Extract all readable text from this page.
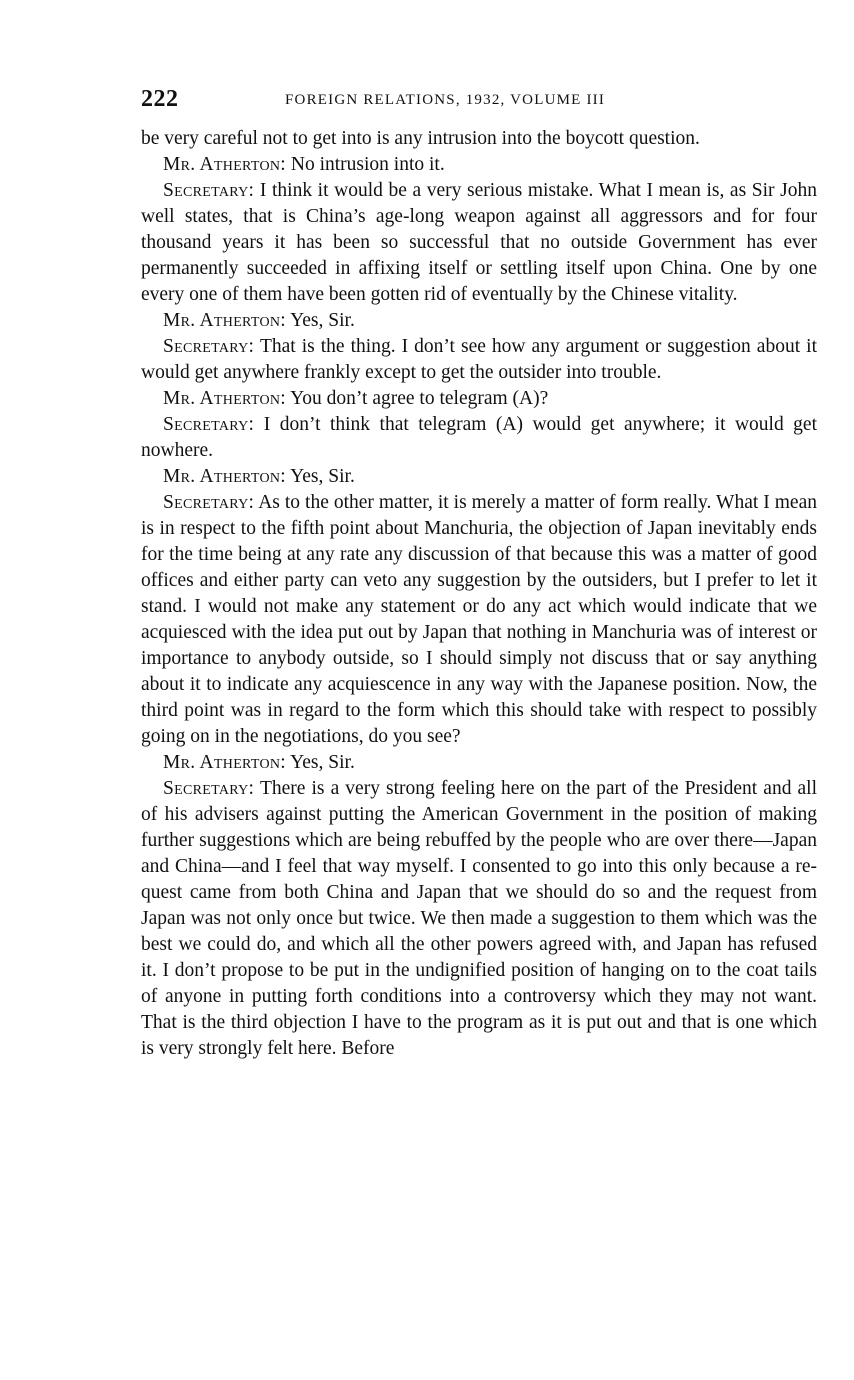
222	FOREIGN RELATIONS, 1932, VOLUME III

be very careful not to get into is any intrusion into the boycott question.

Mr. Atherton: No intrusion into it.

Secretary: I think it would be a very serious mistake. What I mean is, as Sir John well states, that is China’s age-long weapon against all aggressors and for four thousand years it has been so successful that no outside Government has ever permanently succeeded in affixing itself or settling itself upon China. One by one every one of them have been gotten rid of eventually by the Chinese vitality.

Mr. Atherton: Yes, Sir.

Secretary: That is the thing. I don’t see how any argument or suggestion about it would get anywhere frankly except to get the outsider into trouble.

Mr. Atherton: You don’t agree to telegram (A)?

Secretary: I don’t think that telegram (A) would get anywhere; it would get nowhere.

Mr. Atherton: Yes, Sir.

Secretary: As to the other matter, it is merely a matter of form really. What I mean is in respect to the fifth point about Manchuria, the objection of Japan inevitably ends for the time being at any rate any discussion of that because this was a matter of good offices and either party can veto any suggestion by the outsiders, but I prefer to let it stand. I would not make any statement or do any act which would indicate that we acquiesced with the idea put out by Japan that nothing in Manchuria was of interest or importance to anybody outside, so I should simply not discuss that or say anything about it to indicate any acquiescence in any way with the Japanese position. Now, the third point was in regard to the form which this should take with respect to possibly going on in the negotiations, do you see?

Mr. Atherton: Yes, Sir.

Secretary: There is a very strong feeling here on the part of the President and all of his advisers against putting the American Government in the position of making further suggestions which are being rebuffed by the people who are over there—Japan and China—and I feel that way myself. I consented to go into this only because a request came from both China and Japan that we should do so and the request from Japan was not only once but twice. We then made a suggestion to them which was the best we could do, and which all the other powers agreed with, and Japan has refused it. I don’t propose to be put in the undignified position of hanging on to the coat tails of anyone in putting forth conditions into a controversy which they may not want. That is the third objection I have to the program as it is put out and that is one which is very strongly felt here. Before
